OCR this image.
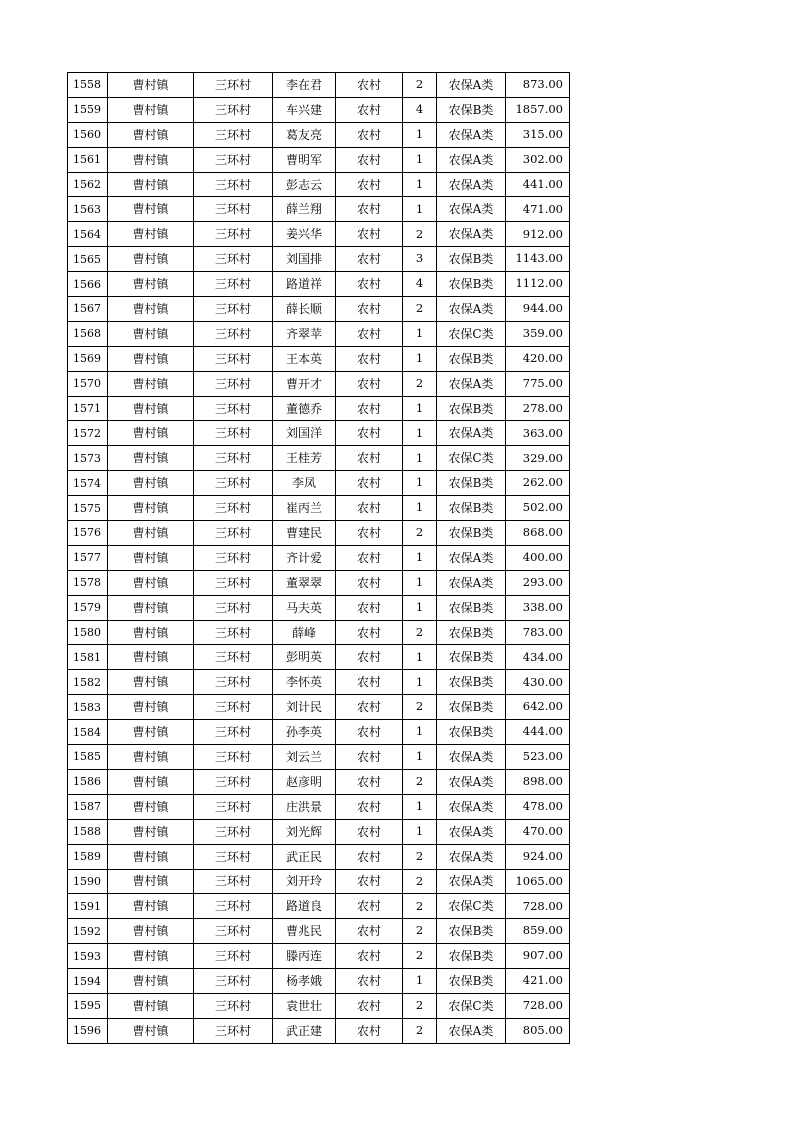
1558	曹村镇	三环村	李在君	农村	2	农保A类	873.00
1559	曹村镇	三环村	车兴建	农村	4	农保B类	1857.00
1560	曹村镇	三环村	葛友亮	农村	1	农保A类	315.00
1561	曹村镇	三环村	曹明军	农村	1	农保A类	302.00
1562	曹村镇	三环村	彭志云	农村	1	农保A类	441.00
1563	曹村镇	三环村	薛兰翔	农村	1	农保A类	471.00
1564	曹村镇	三环村	姜兴华	农村	2	农保A类	912.00
1565	曹村镇	三环村	刘国排	农村	3	农保B类	1143.00
1566	曹村镇	三环村	路道祥	农村	4	农保B类	1112.00
1567	曹村镇	三环村	薛长顺	农村	2	农保A类	944.00
1568	曹村镇	三环村	齐翠苹	农村	1	农保C类	359.00
1569	曹村镇	三环村	王本英	农村	1	农保B类	420.00
1570	曹村镇	三环村	曹开才	农村	2	农保A类	775.00
1571	曹村镇	三环村	董德乔	农村	1	农保B类	278.00
1572	曹村镇	三环村	刘国洋	农村	1	农保A类	363.00
1573	曹村镇	三环村	王桂芳	农村	1	农保C类	329.00
1574	曹村镇	三环村	李凤	农村	1	农保B类	262.00
1575	曹村镇	三环村	崔丙兰	农村	1	农保B类	502.00
1576	曹村镇	三环村	曹建民	农村	2	农保B类	868.00
1577	曹村镇	三环村	齐计爱	农村	1	农保A类	400.00
1578	曹村镇	三环村	董翠翠	农村	1	农保A类	293.00
1579	曹村镇	三环村	马夫英	农村	1	农保B类	338.00
1580	曹村镇	三环村	薛峰	农村	2	农保B类	783.00
1581	曹村镇	三环村	彭明英	农村	1	农保B类	434.00
1582	曹村镇	三环村	李怀英	农村	1	农保B类	430.00
1583	曹村镇	三环村	刘计民	农村	2	农保B类	642.00
1584	曹村镇	三环村	孙李英	农村	1	农保B类	444.00
1585	曹村镇	三环村	刘云兰	农村	1	农保A类	523.00
1586	曹村镇	三环村	赵彦明	农村	2	农保A类	898.00
1587	曹村镇	三环村	庄洪景	农村	1	农保A类	478.00
1588	曹村镇	三环村	刘光辉	农村	1	农保A类	470.00
1589	曹村镇	三环村	武正民	农村	2	农保A类	924.00
1590	曹村镇	三环村	刘开玲	农村	2	农保A类	1065.00
1591	曹村镇	三环村	路道良	农村	2	农保C类	728.00
1592	曹村镇	三环村	曹兆民	农村	2	农保B类	859.00
1593	曹村镇	三环村	滕丙连	农村	2	农保B类	907.00
1594	曹村镇	三环村	杨孝娥	农村	1	农保B类	421.00
1595	曹村镇	三环村	袁世壮	农村	2	农保C类	728.00
1596	曹村镇	三环村	武正建	农村	2	农保A类	805.00
